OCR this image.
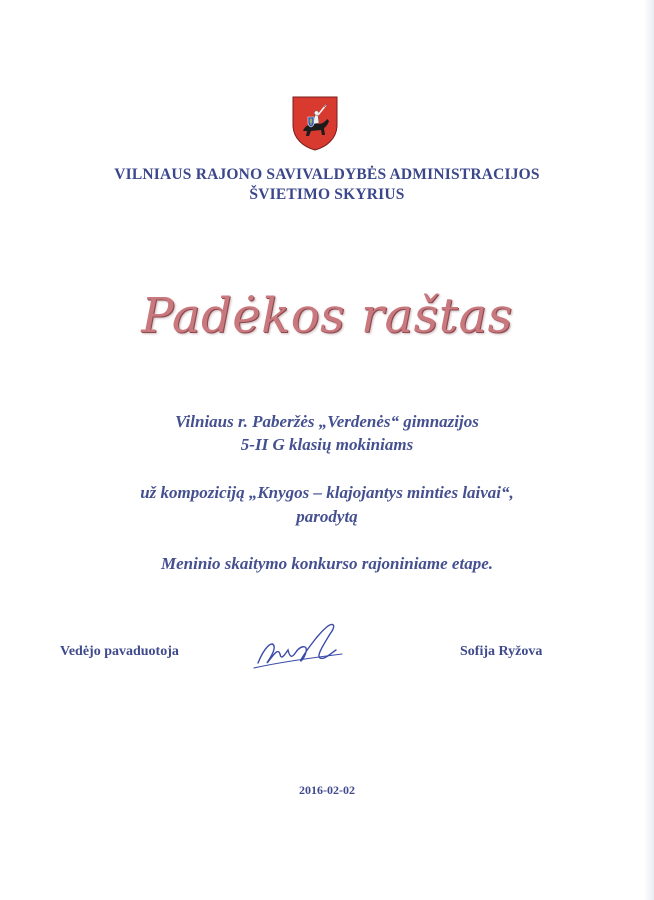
VILNIAUS RAJONO SAVIVALDYBĖS ADMINISTRACIJOS
ŠVIETIMO SKYRIUS
Padėkos raštas
Vilniaus r. Paberžės „Verdenės“ gimnazijos
5-II G klasių mokiniams
už kompoziciją „Knygos – klajojantys minties laivai“,
parodytą
Meninio skaitymo konkurso rajoniniame etape.
Vedėjo pavaduotoja	Sofija Ryžova
2016-02-02
